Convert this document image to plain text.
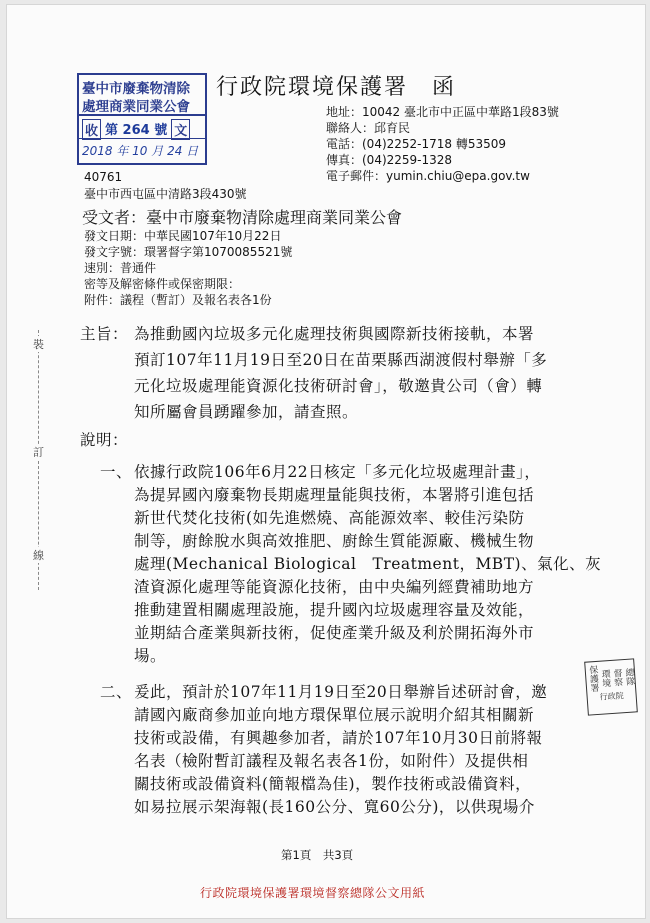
臺中市廢棄物清除
處理商業同業公會
收 第 264 號 文
2018 年 10 月 24 日
行政院環境保護署　函
地址：10042 臺北市中正區中華路1段83號
聯絡人：邱育民
電話：(04)2252-1718 轉53509
傳真：(04)2259-1328
電子郵件：yumin.chiu@epa.gov.tw
40761
臺中市西屯區中清路3段430號
受文者：臺中市廢棄物清除處理商業同業公會
發文日期：中華民國107年10月22日
發文字號：環署督字第1070085521號
速別：普通件
密等及解密條件或保密期限：
附件：議程（暫訂）及報名表各1份
主旨： 為推動國內垃圾多元化處理技術與國際新技術接軌，本署
預訂107年11月19日至20日在苗栗縣西湖渡假村舉辦「多
元化垃圾處理能資源化技術研討會」，敬邀貴公司（會）轉
知所屬會員踴躍參加，請查照。
說明：
一、 依據行政院106年6月22日核定「多元化垃圾處理計畫」，
為提昇國內廢棄物長期處理量能與技術，本署將引進包括
新世代焚化技術(如先進燃燒、高能源效率、較佳污染防
制等，廚餘脫水與高效推肥、廚餘生質能源廠、機械生物
處理(Mechanical Biological　Treatment，MBT)、氣化、灰
渣資源化處理等能資源化技術，由中央編列經費補助地方
推動建置相關處理設施，提升國內垃圾處理容量及效能，
並期結合產業與新技術，促使產業升級及利於開拓海外市
場。
二、 爰此，預計於107年11月19日至20日舉辦旨述研討會，邀
請國內廠商參加並向地方環保單位展示說明介紹其相關新
技術或設備，有興趣參加者，請於107年10月30日前將報
名表（檢附暫訂議程及報名表各1份，如附件）及提供相
關技術或設備資料(簡報檔為佳)，製作技術或設備資料，
如易拉展示架海報(長160公分、寬60公分)，以供現場介
裝
訂
線
總隊
督察
環境
保護署
行政院
第1頁　共3頁
行政院環境保護署環境督察總隊公文用紙
